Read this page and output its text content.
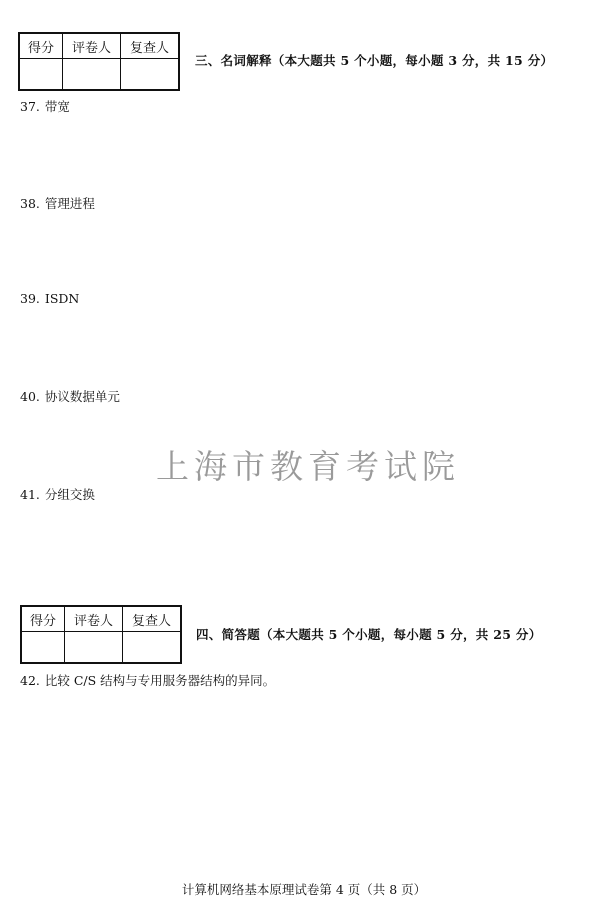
得分	评卷人	复查人

三、名词解释（本大题共 5 个小题，每小题 3 分，共 15 分）
37. 带宽
38. 管理进程
39. ISDN
40. 协议数据单元
上海市教育考试院
41. 分组交换
得分	评卷人	复查人

四、简答题（本大题共 5 个小题，每小题 5 分，共 25 分）
42. 比较 C/S 结构与专用服务器结构的异同。
计算机网络基本原理试卷第 4 页（共 8 页）
